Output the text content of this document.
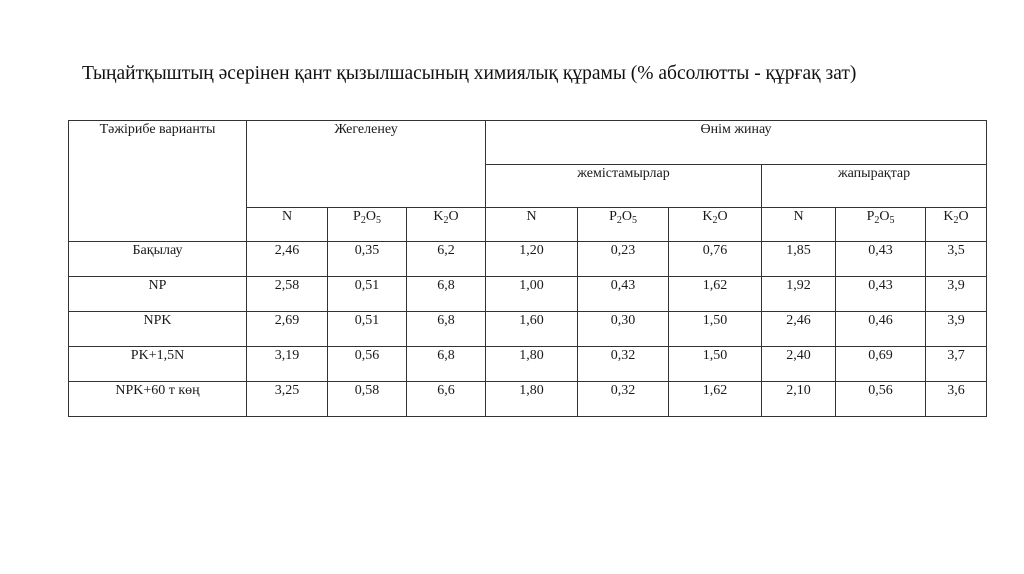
Тыңайтқыштың әсерінен қант қызылшасының химиялық құрамы (% абсолютты - құрғақ зат)
Тәжірибе варианты	Жегеленеу			Өнім жинау					
				жемістамырлар			жапырақтар		
	N	$P_2O_5$	$K_2O$	N	$P_2O_5$	$K_2O$	N	$P_2O_5$	$K_2O$
Бақылау	2,46	0,35	6,2	1,20	0,23	0,76	1,85	0,43	3,5
NP	2,58	0,51	6,8	1,00	0,43	1,62	1,92	0,43	3,9
NPK	2,69	0,51	6,8	1,60	0,30	1,50	2,46	0,46	3,9
PK+1,5N	3,19	0,56	6,8	1,80	0,32	1,50	2,40	0,69	3,7
NPK+60 т көң	3,25	0,58	6,6	1,80	0,32	1,62	2,10	0,56	3,6
